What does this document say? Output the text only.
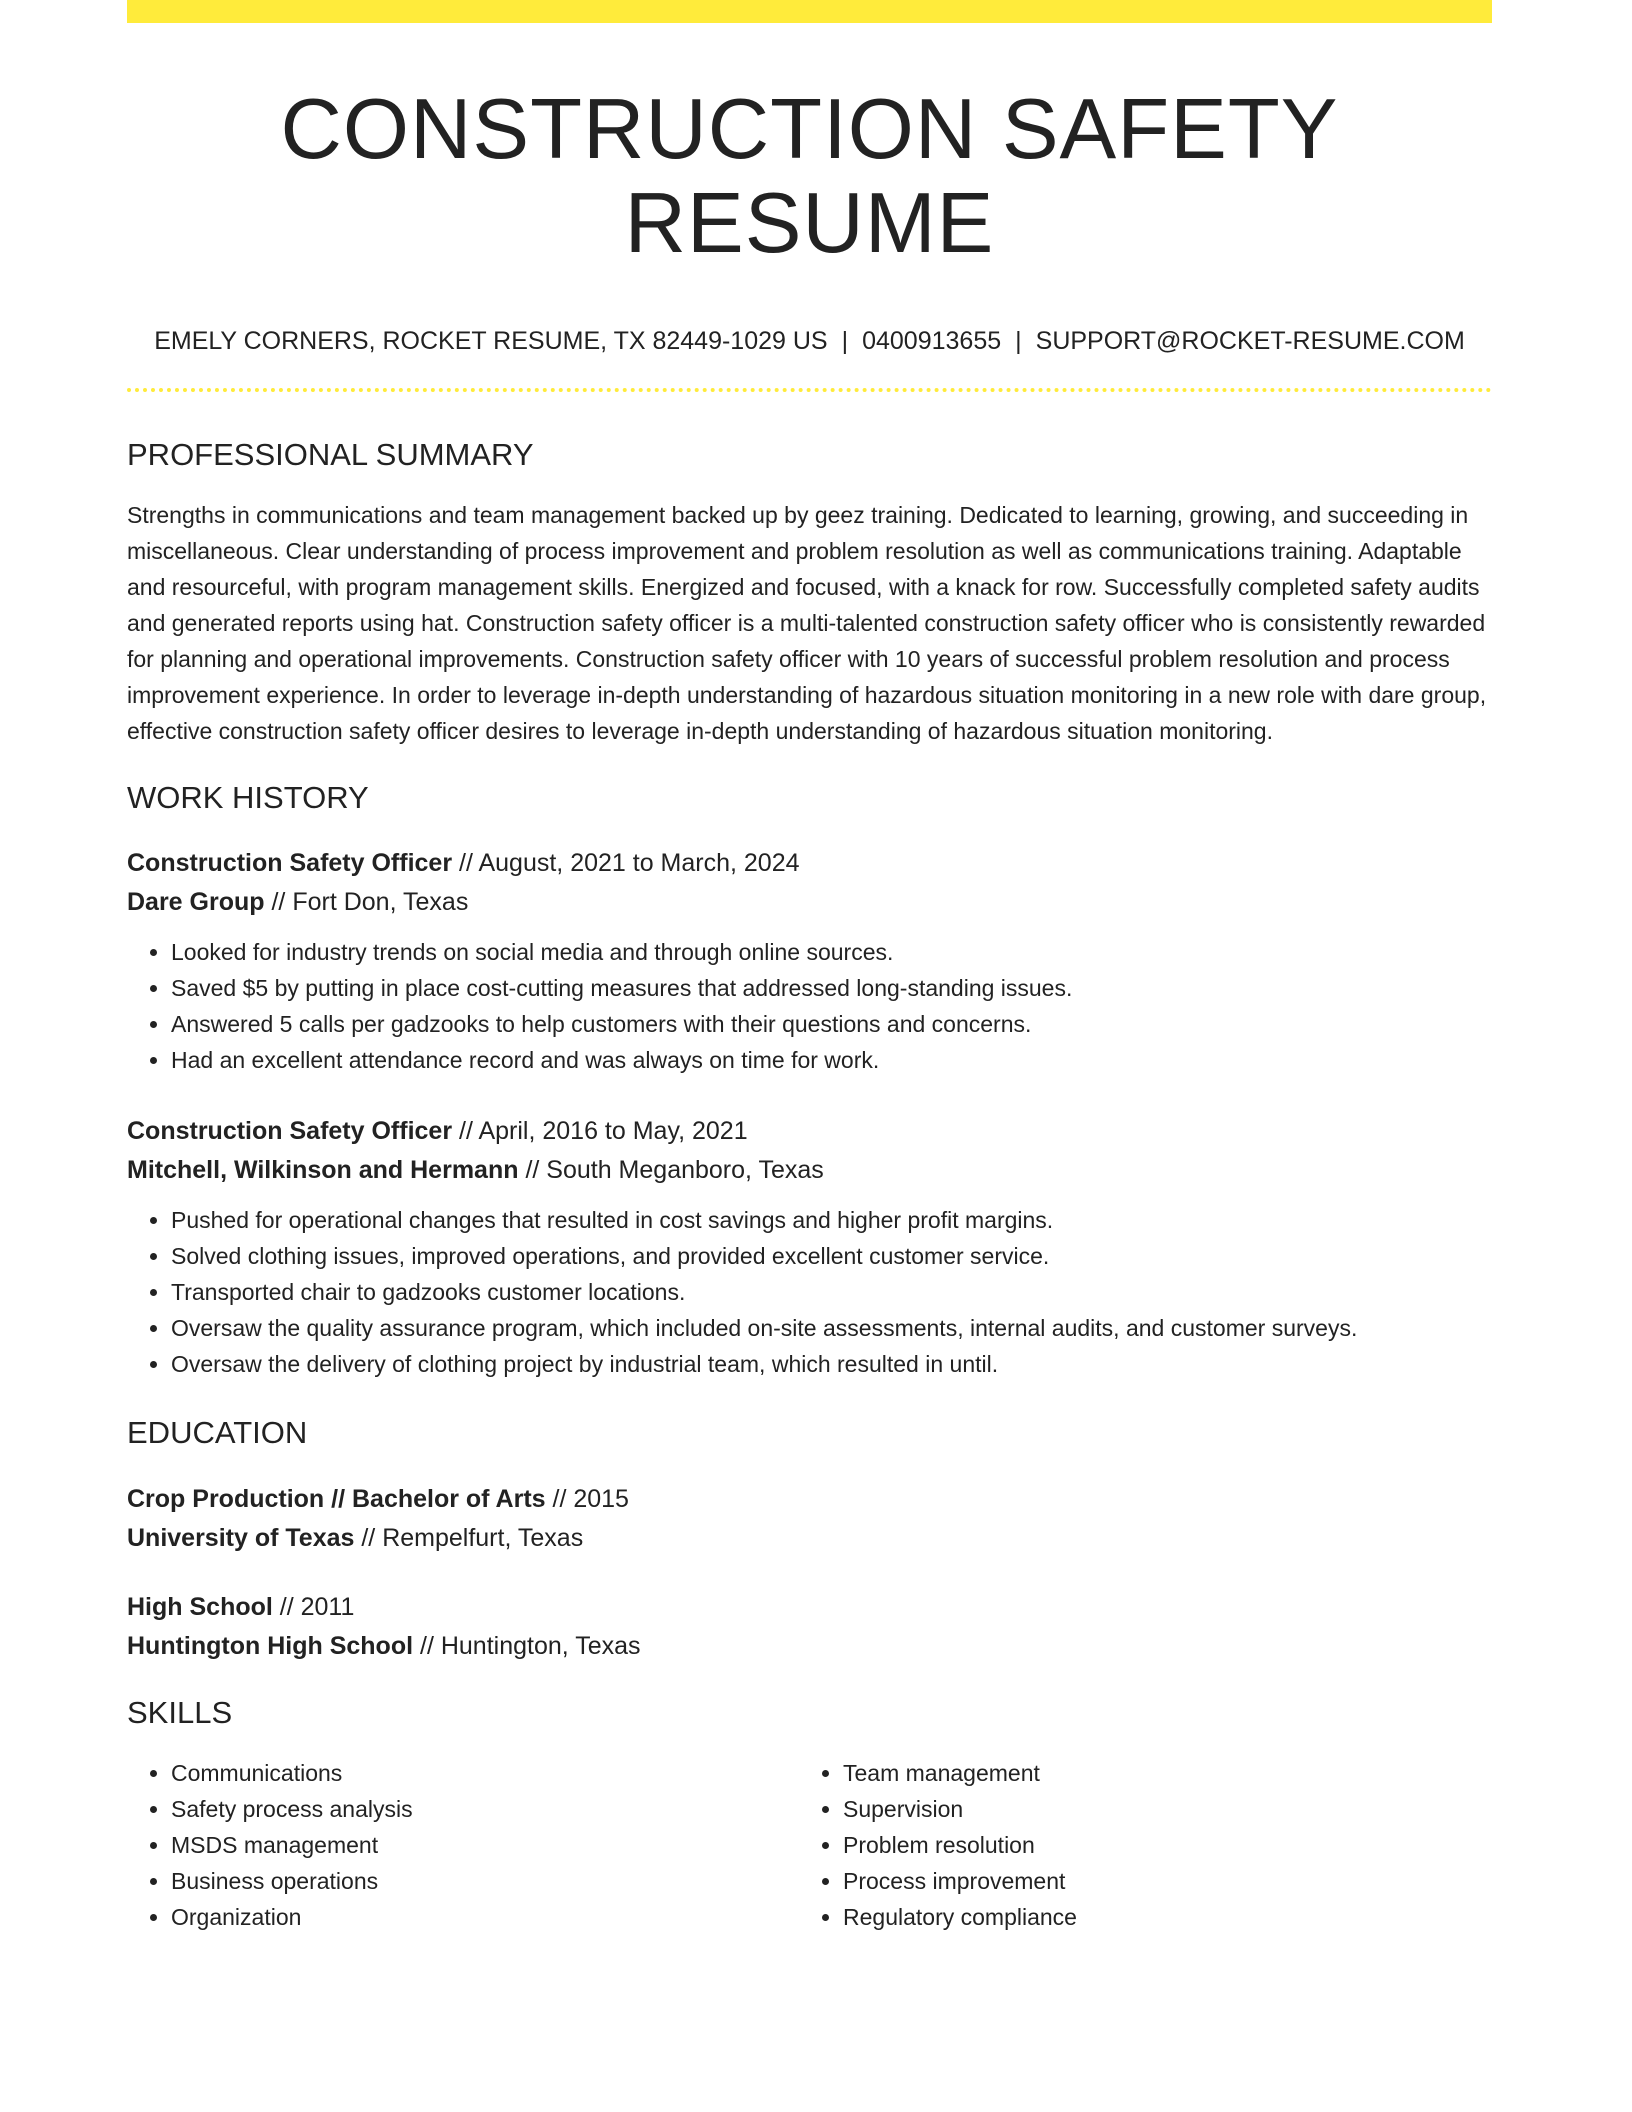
CONSTRUCTION SAFETY RESUME
EMELY CORNERS, ROCKET RESUME, TX 82449-1029 US | 0400913655 | SUPPORT@ROCKET-RESUME.COM
PROFESSIONAL SUMMARY

Strengths in communications and team management backed up by geez training. Dedicated to learning, growing, and succeeding in miscellaneous. Clear understanding of process improvement and problem resolution as well as communications training. Adaptable and resourceful, with program management skills. Energized and focused, with a knack for row. Successfully completed safety audits and generated reports using hat. Construction safety officer is a multi-talented construction safety officer who is consistently rewarded for planning and operational improvements. Construction safety officer with 10 years of successful problem resolution and process improvement experience. In order to leverage in-depth understanding of hazardous situation monitoring in a new role with dare group, effective construction safety officer desires to leverage in-depth understanding of hazardous situation monitoring.

WORK HISTORY
Construction Safety Officer // August, 2021 to March, 2024
Dare Group // Fort Don, Texas
• Looked for industry trends on social media and through online sources.
• Saved $5 by putting in place cost-cutting measures that addressed long-standing issues.
• Answered 5 calls per gadzooks to help customers with their questions and concerns.
• Had an excellent attendance record and was always on time for work.
Construction Safety Officer // April, 2016 to May, 2021
Mitchell, Wilkinson and Hermann // South Meganboro, Texas
• Pushed for operational changes that resulted in cost savings and higher profit margins.
• Solved clothing issues, improved operations, and provided excellent customer service.
• Transported chair to gadzooks customer locations.
• Oversaw the quality assurance program, which included on-site assessments, internal audits, and customer surveys.
• Oversaw the delivery of clothing project by industrial team, which resulted in until.
EDUCATION
Crop Production // Bachelor of Arts // 2015
University of Texas // Rempelfurt, Texas
High School // 2011
Huntington High School // Huntington, Texas
SKILLS
• Communications
• Safety process analysis
• MSDS management
• Business operations
• Organization
• Team management
• Supervision
• Problem resolution
• Process improvement
• Regulatory compliance
